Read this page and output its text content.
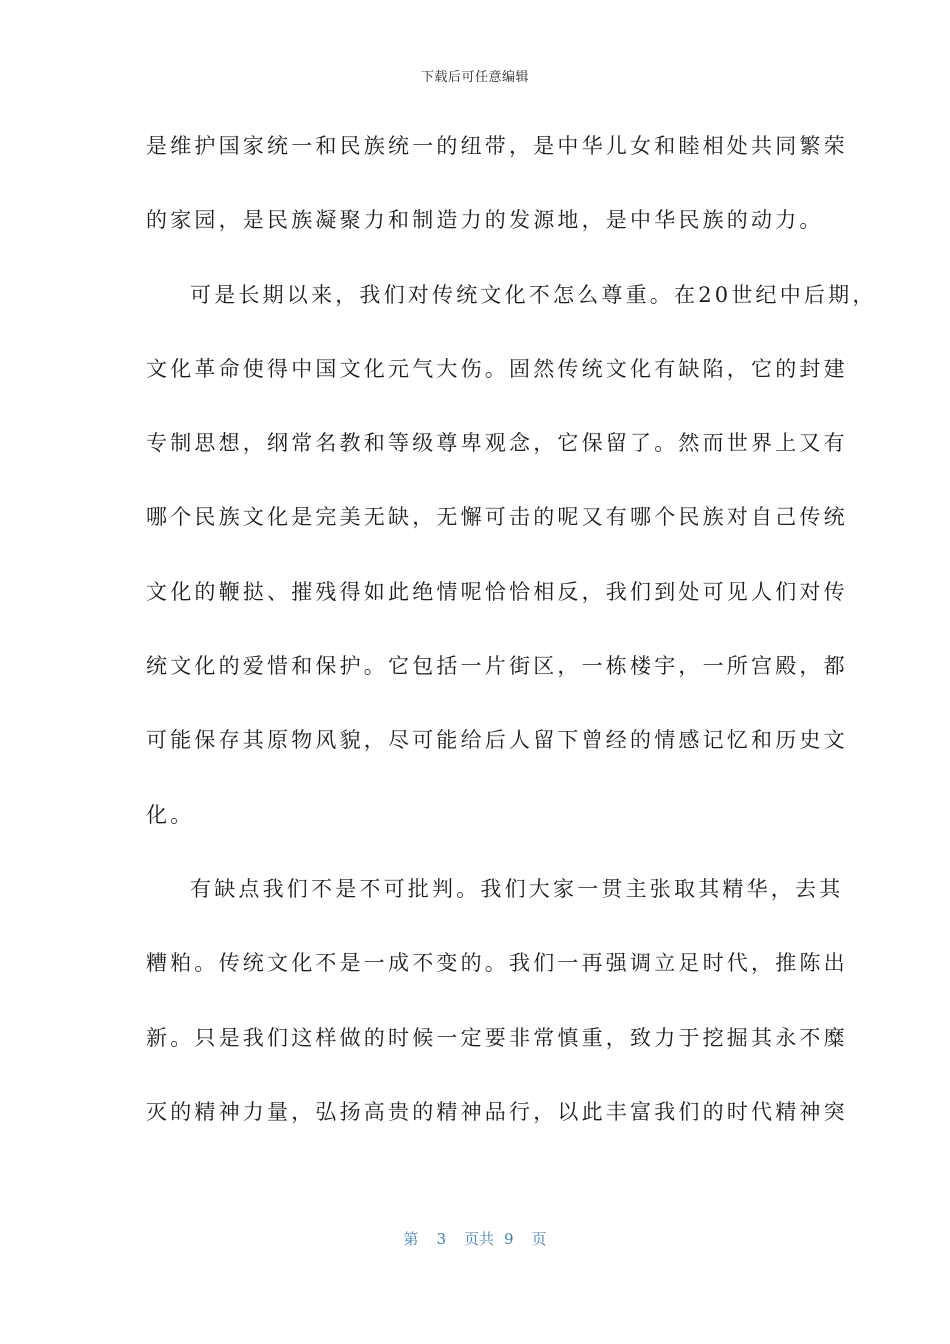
下载后可任意编辑
是维护国家统一和民族统一的纽带，是中华儿女和睦相处共同繁荣
的家园，是民族凝聚力和制造力的发源地，是中华民族的动力。
可是长期以来，我们对传统文化不怎么尊重。在20世纪中后期，
文化革命使得中国文化元气大伤。固然传统文化有缺陷，它的封建
专制思想，纲常名教和等级尊卑观念，它保留了。然而世界上又有
哪个民族文化是完美无缺，无懈可击的呢又有哪个民族对自己传统
文化的鞭挞、摧残得如此绝情呢恰恰相反，我们到处可见人们对传
统文化的爱惜和保护。它包括一片街区，一栋楼宇，一所宫殿，都
可能保存其原物风貌，尽可能给后人留下曾经的情感记忆和历史文
化。
有缺点我们不是不可批判。我们大家一贯主张取其精华，去其
糟粕。传统文化不是一成不变的。我们一再强调立足时代，推陈出
新。只是我们这样做的时候一定要非常慎重，致力于挖掘其永不糜
灭的精神力量，弘扬高贵的精神品行，以此丰富我们的时代精神突
第 3 页共 9 页
